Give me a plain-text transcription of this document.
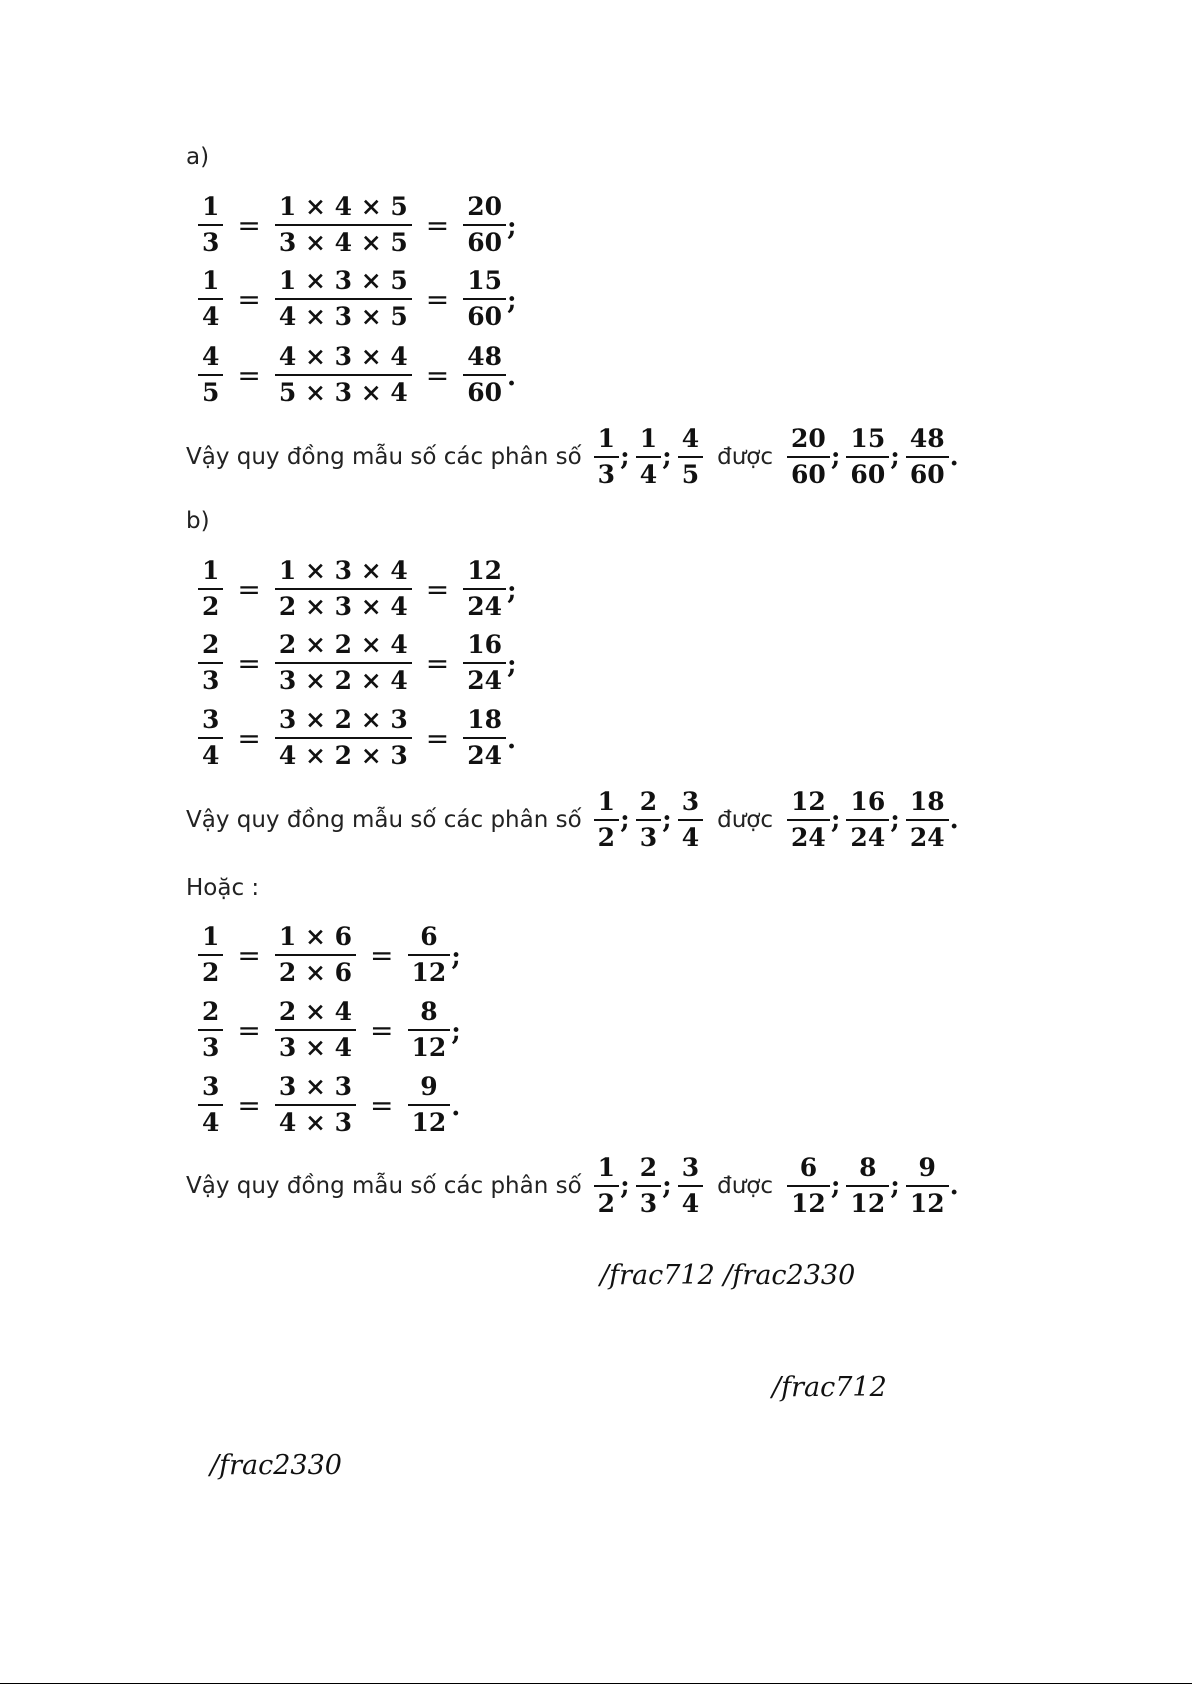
a)
$\frac{1}{3} = \frac{1 \times 4 \times 5}{3 \times 4 \times 5} = \frac{20}{60}$ ;
$\frac{1}{4} = \frac{1 \times 3 \times 5}{4 \times 3 \times 5} = \frac{15}{60}$ ;
$\frac{4}{5} = \frac{4 \times 3 \times 4}{5 \times 3 \times 4} = \frac{48}{60}$ .
Vậy quy đồng mẫu số các phân số $\frac{1}{3}$ ; $\frac{1}{4}$ ; $\frac{4}{5}$ được $\frac{20}{60}$ ; $\frac{15}{60}$ ; $\frac{48}{60}$ .
b)
$\frac{1}{2} = \frac{1 \times 3 \times 4}{2 \times 3 \times 4} = \frac{12}{24}$ ;
$\frac{2}{3} = \frac{2 \times 2 \times 4}{3 \times 2 \times 4} = \frac{16}{24}$ ;
$\frac{3}{4} = \frac{3 \times 2 \times 3}{4 \times 2 \times 3} = \frac{18}{24}$ .
Vậy quy đồng mẫu số các phân số $\frac{1}{2}$ ; $\frac{2}{3}$ ; $\frac{3}{4}$ được $\frac{12}{24}$ ; $\frac{16}{24}$ ; $\frac{18}{24}$ .
Hoặc :
$\frac{1}{2} = \frac{1 \times 6}{2 \times 6} = \frac{6}{12}$ ;
$\frac{2}{3} = \frac{2 \times 4}{3 \times 4} = \frac{8}{12}$ ;
$\frac{3}{4} = \frac{3 \times 3}{4 \times 3} = \frac{9}{12}$ .
Vậy quy đồng mẫu số các phân số $\frac{1}{2}$ ; $\frac{2}{3}$ ; $\frac{3}{4}$ được $\frac{6}{12}$ ; $\frac{8}{12}$ ; $\frac{9}{12}$ .
/frac712 /frac2330
/frac712
/frac2330
